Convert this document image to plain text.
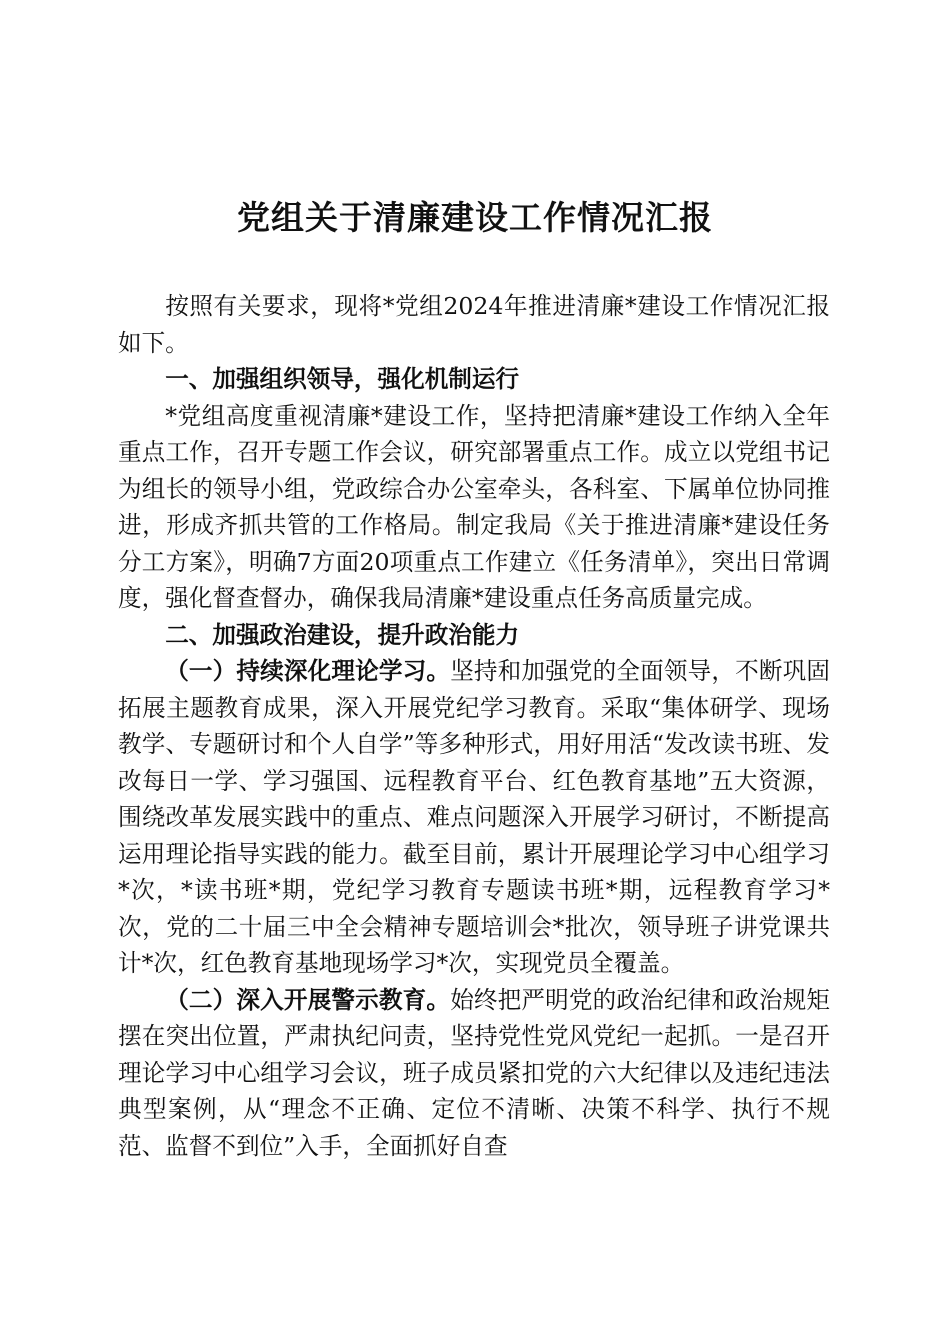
党组关于清廉建设工作情况汇报

按照有关要求，现将*党组2024年推进清廉*建设工作情况汇报如下。

一、加强组织领导，强化机制运行

*党组高度重视清廉*建设工作，坚持把清廉*建设工作纳入全年重点工作，召开专题工作会议，研究部署重点工作。成立以党组书记为组长的领导小组，党政综合办公室牵头，各科室、下属单位协同推进，形成齐抓共管的工作格局。制定我局《关于推进清廉*建设任务分工方案》，明确7方面20项重点工作建立《任务清单》，突出日常调度，强化督查督办，确保我局清廉*建设重点任务高质量完成。

二、加强政治建设，提升政治能力

（一）持续深化理论学习。坚持和加强党的全面领导，不断巩固拓展主题教育成果，深入开展党纪学习教育。采取“集体研学、现场教学、专题研讨和个人自学”等多种形式，用好用活“发改读书班、发改每日一学、学习强国、远程教育平台、红色教育基地”五大资源，围绕改革发展实践中的重点、难点问题深入开展学习研讨，不断提高运用理论指导实践的能力。截至目前，累计开展理论学习中心组学习*次，*读书班*期，党纪学习教育专题读书班*期，远程教育学习*次，党的二十届三中全会精神专题培训会*批次，领导班子讲党课共计*次，红色教育基地现场学习*次，实现党员全覆盖。

（二）深入开展警示教育。始终把严明党的政治纪律和政治规矩摆在突出位置，严肃执纪问责，坚持党性党风党纪一起抓。一是召开理论学习中心组学习会议，班子成员紧扣党的六大纪律以及违纪违法典型案例，从“理念不正确、定位不清晰、决策不科学、执行不规范、监督不到位”入手，全面抓好自查
